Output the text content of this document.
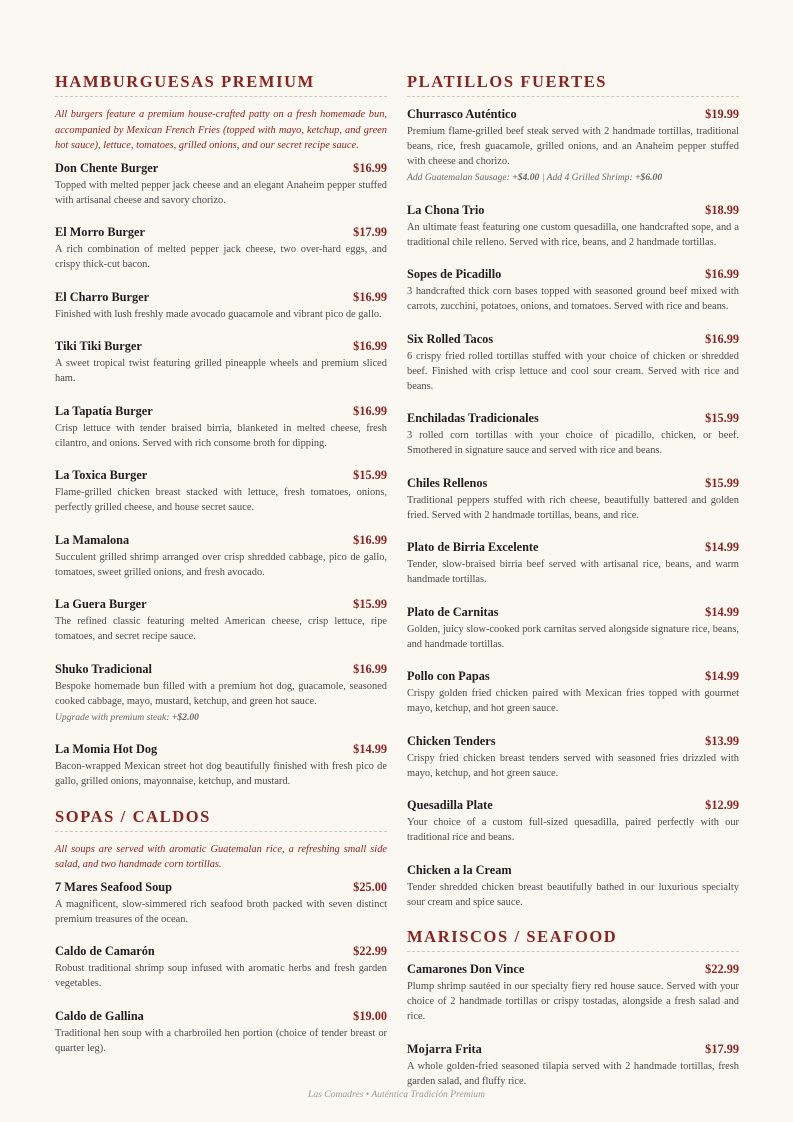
HAMBURGUESAS PREMIUM
All burgers feature a premium house-crafted patty on a fresh homemade bun, accompanied by Mexican French Fries (topped with mayo, ketchup, and green hot sauce), lettuce, tomatoes, grilled onions, and our secret recipe sauce.
Don Chente Burger	$16.99
Topped with melted pepper jack cheese and an elegant Anaheim pepper stuffed with artisanal cheese and savory chorizo.
El Morro Burger	$17.99
A rich combination of melted pepper jack cheese, two over-hard eggs, and crispy thick-cut bacon.
El Charro Burger	$16.99
Finished with lush freshly made avocado guacamole and vibrant pico de gallo.
Tiki Tiki Burger	$16.99
A sweet tropical twist featuring grilled pineapple wheels and premium sliced ham.
La Tapatía Burger	$16.99
Crisp lettuce with tender braised birria, blanketed in melted cheese, fresh cilantro, and onions. Served with rich consome broth for dipping.
La Toxica Burger	$15.99
Flame-grilled chicken breast stacked with lettuce, fresh tomatoes, onions, perfectly grilled cheese, and house secret sauce.
La Mamalona	$16.99
Succulent grilled shrimp arranged over crisp shredded cabbage, pico de gallo, tomatoes, sweet grilled onions, and fresh avocado.
La Guera Burger	$15.99
The refined classic featuring melted American cheese, crisp lettuce, ripe tomatoes, and secret recipe sauce.
Shuko Tradicional	$16.99
Bespoke homemade bun filled with a premium hot dog, guacamole, seasoned cooked cabbage, mayo, mustard, ketchup, and green hot sauce.
Upgrade with premium steak: +$2.00
La Momia Hot Dog	$14.99
Bacon-wrapped Mexican street hot dog beautifully finished with fresh pico de gallo, grilled onions, mayonnaise, ketchup, and mustard.
SOPAS / CALDOS
All soups are served with aromatic Guatemalan rice, a refreshing small side salad, and two handmade corn tortillas.
7 Mares Seafood Soup	$25.00
A magnificent, slow-simmered rich seafood broth packed with seven distinct premium treasures of the ocean.
Caldo de Camarón	$22.99
Robust traditional shrimp soup infused with aromatic herbs and fresh garden vegetables.
Caldo de Gallina	$19.00
Traditional hen soup with a charbroiled hen portion (choice of tender breast or quarter leg).
PLATILLOS FUERTES
Churrasco Auténtico	$19.99
Premium flame-grilled beef steak served with 2 handmade tortillas, traditional beans, rice, fresh guacamole, grilled onions, and an Anaheim pepper stuffed with cheese and chorizo.
Add Guatemalan Sausage: +$4.00 | Add 4 Grilled Shrimp: +$6.00
La Chona Trio	$18.99
An ultimate feast featuring one custom quesadilla, one handcrafted sope, and a traditional chile relleno. Served with rice, beans, and 2 handmade tortillas.
Sopes de Picadillo	$16.99
3 handcrafted thick corn bases topped with seasoned ground beef mixed with carrots, zucchini, potatoes, onions, and tomatoes. Served with rice and beans.
Six Rolled Tacos	$16.99
6 crispy fried rolled tortillas stuffed with your choice of chicken or shredded beef. Finished with crisp lettuce and cool sour cream. Served with rice and beans.
Enchiladas Tradicionales	$15.99
3 rolled corn tortillas with your choice of picadillo, chicken, or beef. Smothered in signature sauce and served with rice and beans.
Chiles Rellenos	$15.99
Traditional peppers stuffed with rich cheese, beautifully battered and golden fried. Served with 2 handmade tortillas, beans, and rice.
Plato de Birria Excelente	$14.99
Tender, slow-braised birria beef served with artisanal rice, beans, and warm handmade tortillas.
Plato de Carnitas	$14.99
Golden, juicy slow-cooked pork carnitas served alongside signature rice, beans, and handmade tortillas.
Pollo con Papas	$14.99
Crispy golden fried chicken paired with Mexican fries topped with gourmet mayo, ketchup, and hot green sauce.
Chicken Tenders	$13.99
Crispy fried chicken breast tenders served with seasoned fries drizzled with mayo, ketchup, and hot green sauce.
Quesadilla Plate	$12.99
Your choice of a custom full-sized quesadilla, paired perfectly with our traditional rice and beans.
Chicken a la Cream
Tender shredded chicken breast beautifully bathed in our luxurious specialty sour cream and spice sauce.
MARISCOS / SEAFOOD
Camarones Don Vince	$22.99
Plump shrimp sautéed in our specialty fiery red house sauce. Served with your choice of 2 handmade tortillas or crispy tostadas, alongside a fresh salad and rice.
Mojarra Frita	$17.99
A whole golden-fried seasoned tilapia served with 2 handmade tortillas, fresh garden salad, and fluffy rice.
Las Comadres • Auténtica Tradición Premium
